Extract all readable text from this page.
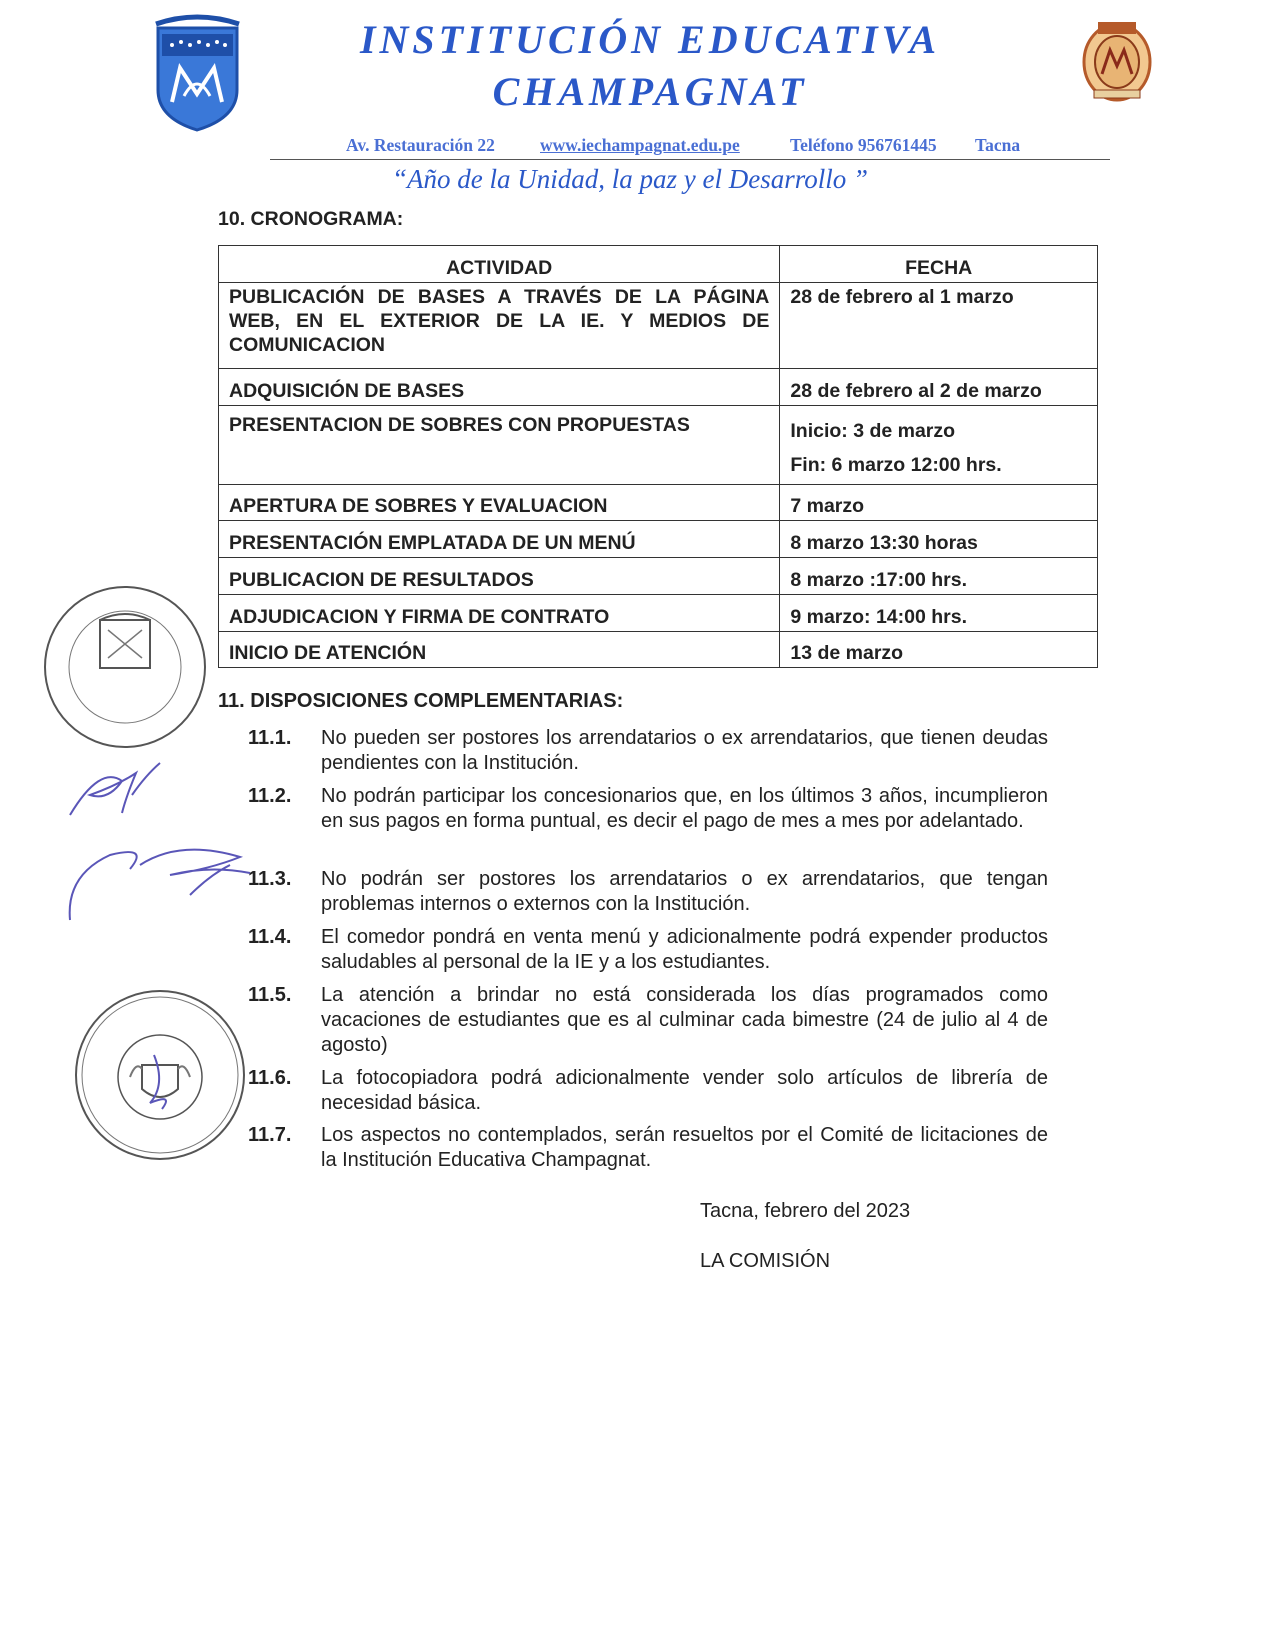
INSTITUCIÓN EDUCATIVA
CHAMPAGNAT
Av. Restauración 22	www.iechampagnat.edu.pe	Teléfono 956761445 Tacna
“Año de la Unidad, la paz y el Desarrollo ”
10. CRONOGRAMA:
ACTIVIDAD	FECHA
PUBLICACIÓN DE BASES A TRAVÉS DE LA PÁGINA WEB, EN EL EXTERIOR DE LA IE. Y MEDIOS DE COMUNICACION	28 de febrero al 1 marzo
ADQUISICIÓN DE BASES	28 de febrero al 2 de marzo
PRESENTACION DE SOBRES CON PROPUESTAS	Inicio: 3 de marzo
Fin: 6 marzo 12:00 hrs.

APERTURA DE SOBRES Y EVALUACION	7 marzo
PRESENTACIÓN EMPLATADA DE UN MENÚ	8 marzo 13:30 horas
PUBLICACION DE RESULTADOS	8 marzo :17:00 hrs.
ADJUDICACION Y FIRMA DE CONTRATO	9 marzo: 14:00 hrs.
INICIO DE ATENCIÓN	13 de marzo
11. DISPOSICIONES COMPLEMENTARIAS:
11.1. No pueden ser postores los arrendatarios o ex arrendatarios, que tienen deudas pendientes con la Institución.
11.2. No podrán participar los concesionarios que, en los últimos 3 años, incumplieron en sus pagos en forma puntual, es decir el pago de mes a mes por adelantado.
11.3. No podrán ser postores los arrendatarios o ex arrendatarios, que tengan problemas internos o externos con la Institución.
11.4. El comedor pondrá en venta menú y adicionalmente podrá expender productos saludables al personal de la IE y a los estudiantes.
11.5. La atención a brindar no está considerada los días programados como vacaciones de estudiantes que es al culminar cada bimestre (24 de julio al 4 de agosto)
11.6. La fotocopiadora podrá adicionalmente vender solo artículos de librería de necesidad básica.
11.7. Los aspectos no contemplados, serán resueltos por el Comité de licitaciones de la Institución Educativa Champagnat.
Tacna, febrero del 2023
LA COMISIÓN
